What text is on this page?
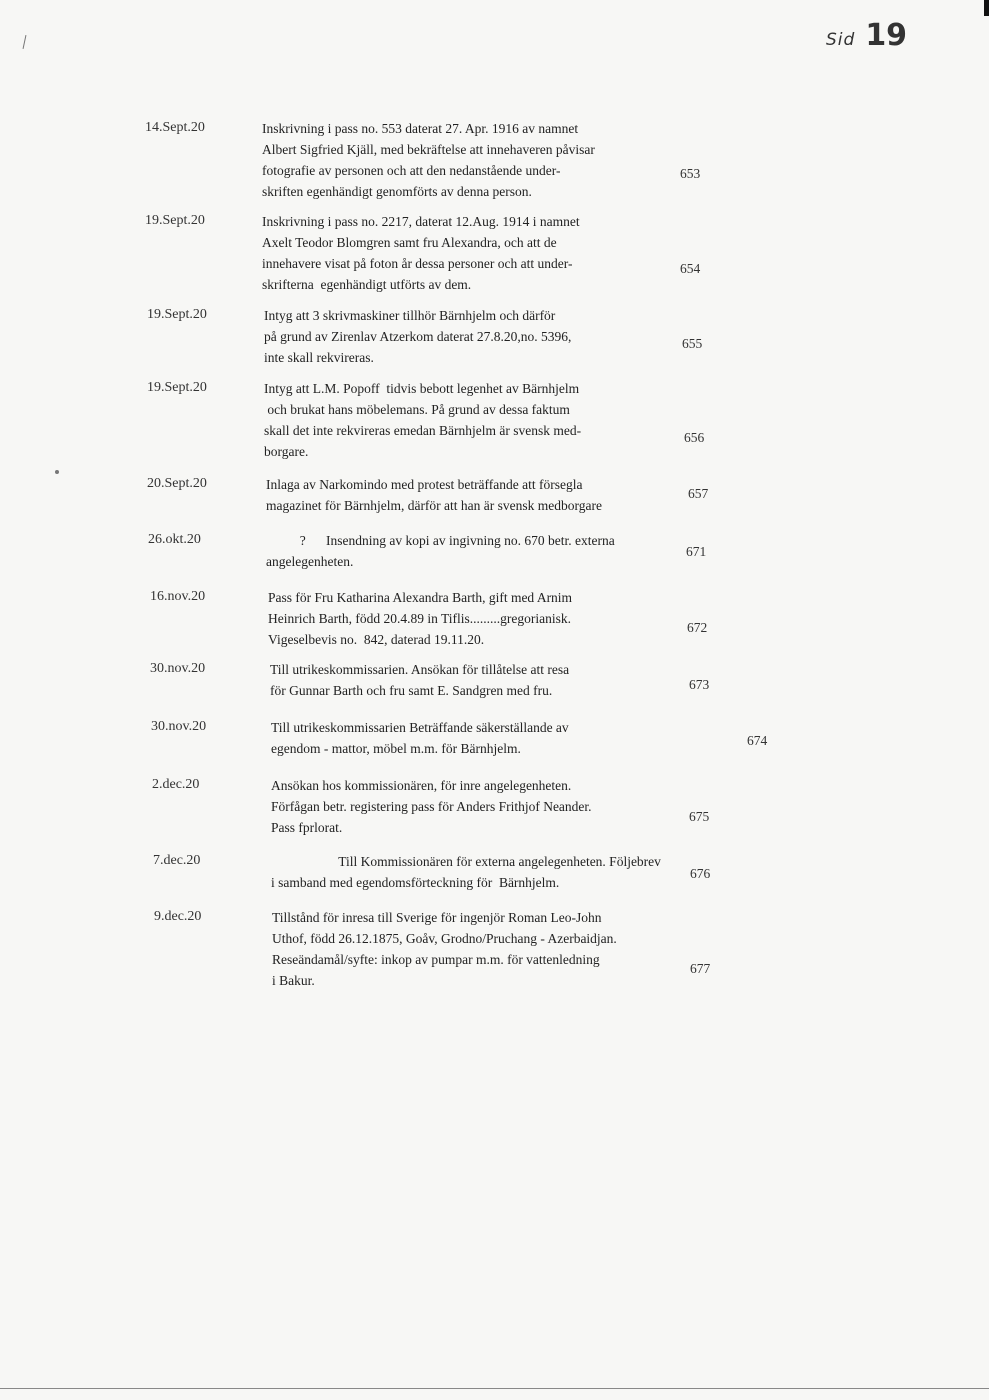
Sid 19
14.Sept.20	Inskrivning i pass no. 553 daterat 27. Apr. 1916 av namnet
Albert Sigfried Kjäll, med bekräftelse att innehaveren påvisar
fotografie av personen och att den nedanstående under-
skriften egenhändigt genomförts av denna person.
653
19.Sept.20	Inskrivning i pass no. 2217, daterat 12.Aug. 1914 i namnet
Axelt Teodor Blomgren samt fru Alexandra, och att de
innehavere visat på foton år dessa personer och att under-
skrifterna  egenhändigt utförts av dem.
654
19.Sept.20	Intyg att 3 skrivmaskiner tillhör Bärnhjelm och därför
på grund av Zirenlav Atzerkom daterat 27.8.20,no. 5396,
inte skall rekvireras.
655
19.Sept.20	Intyg att L.M. Popoff  tidvis bebott legenhet av Bärnhjelm
och brukat hans möbelemans. På grund av dessa faktum
skall det inte rekvireras emedan Bärnhjelm är svensk med-
borgare.
656
20.Sept.20	Inlaga av Narkomindo med protest beträffande att försegla
magazinet för Bärnhjelm, därför att han är svensk medborgare
657
26.okt.20	?      Insendning av kopi av ingivning no. 670 betr. externa
angelegenheten.
671
16.nov.20	Pass för Fru Katharina Alexandra Barth, gift med Arnim
Heinrich Barth, född 20.4.89 in Tiflis.........gregorianisk.
Vigeselbevis no.  842, daterad 19.11.20.
672
30.nov.20	Till utrikeskommissarien. Ansökan för tillåtelse att resa
för Gunnar Barth och fru samt E. Sandgren med fru.	673
30.nov.20	Till utrikeskommissarien Beträffande säkerställande av
egendom - mattor, möbel m.m. för Bärnhjelm.
674
2.dec.20	Ansökan hos kommissionären, för inre angelegenheten.
Förfågan betr. registering pass för Anders Frithjof Neander.
Pass fprlorat.
675
7.dec.20	Till Kommissionären för externa angelegenheten. Följebrev
i samband med egendomsförteckning för  Bärnhjelm.
676
9.dec.20	Tillstånd för inresa till Sverige för ingenjör Roman Leo-John
Uthof, född 26.12.1875, Goåv, Grodno/Pruchang - Azerbaidjan.
Reseändamål/syfte: inkop av pumpar m.m. för vattenledning
i Bakur.
677
